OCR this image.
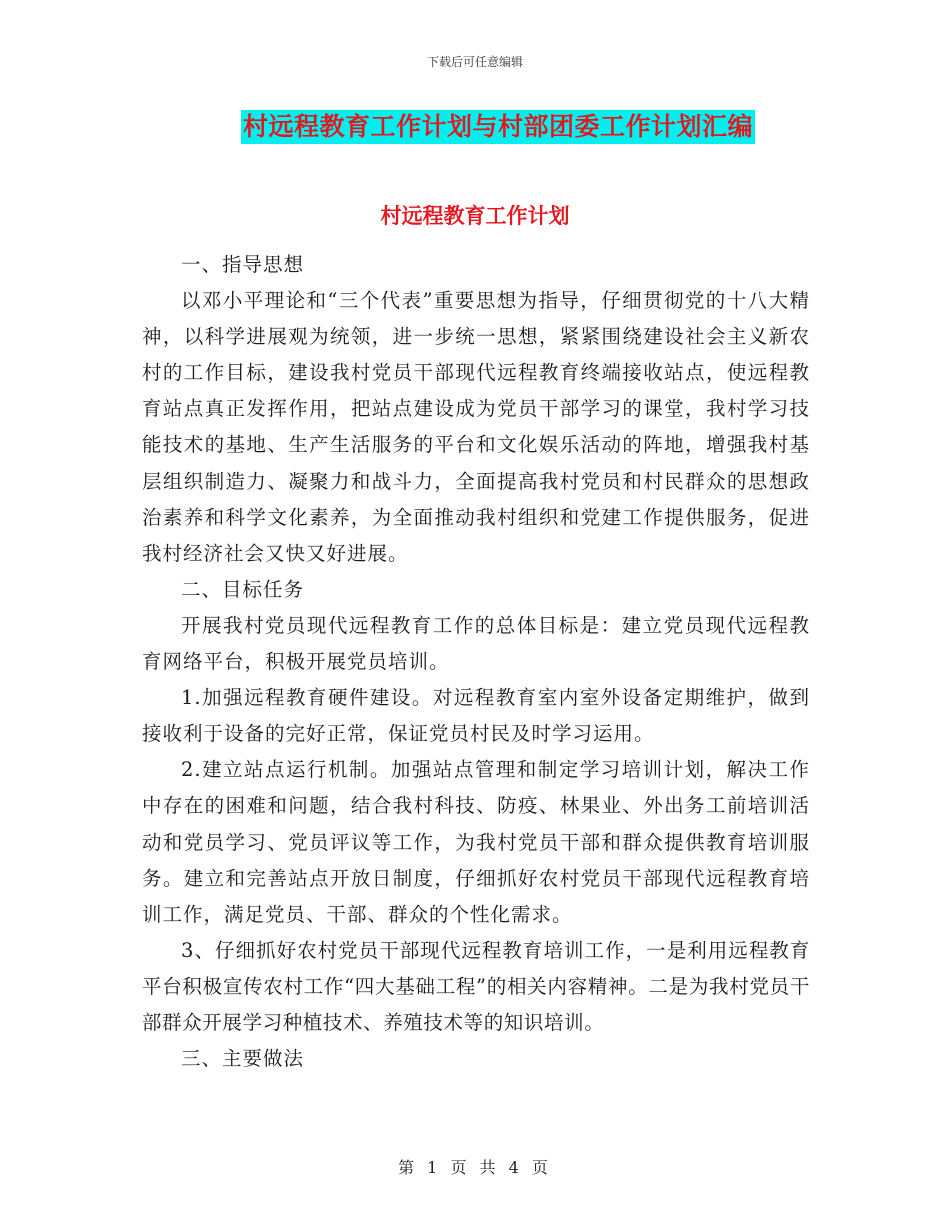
下载后可任意编辑
村远程教育工作计划与村部团委工作计划汇编
村远程教育工作计划

一、指导思想

以邓小平理论和“三个代表”重要思想为指导，仔细贯彻党的十八大精神，以科学进展观为统领，进一步统一思想，紧紧围绕建设社会主义新农村的工作目标，建设我村党员干部现代远程教育终端接收站点，使远程教育站点真正发挥作用，把站点建设成为党员干部学习的课堂，我村学习技能技术的基地、生产生活服务的平台和文化娱乐活动的阵地，增强我村基层组织制造力、凝聚力和战斗力，全面提高我村党员和村民群众的思想政治素养和科学文化素养，为全面推动我村组织和党建工作提供服务，促进我村经济社会又快又好进展。

二、目标任务

开展我村党员现代远程教育工作的总体目标是：建立党员现代远程教育网络平台，积极开展党员培训。

1.加强远程教育硬件建设。对远程教育室内室外设备定期维护，做到接收利于设备的完好正常，保证党员村民及时学习运用。

2.建立站点运行机制。加强站点管理和制定学习培训计划，解决工作中存在的困难和问题，结合我村科技、防疫、林果业、外出务工前培训活动和党员学习、党员评议等工作，为我村党员干部和群众提供教育培训服务。建立和完善站点开放日制度，仔细抓好农村党员干部现代远程教育培训工作，满足党员、干部、群众的个性化需求。

3、仔细抓好农村党员干部现代远程教育培训工作，一是利用远程教育平台积极宣传农村工作“四大基础工程”的相关内容精神。二是为我村党员干部群众开展学习种植技术、养殖技术等的知识培训。

三、主要做法

第 1 页 共 4 页
